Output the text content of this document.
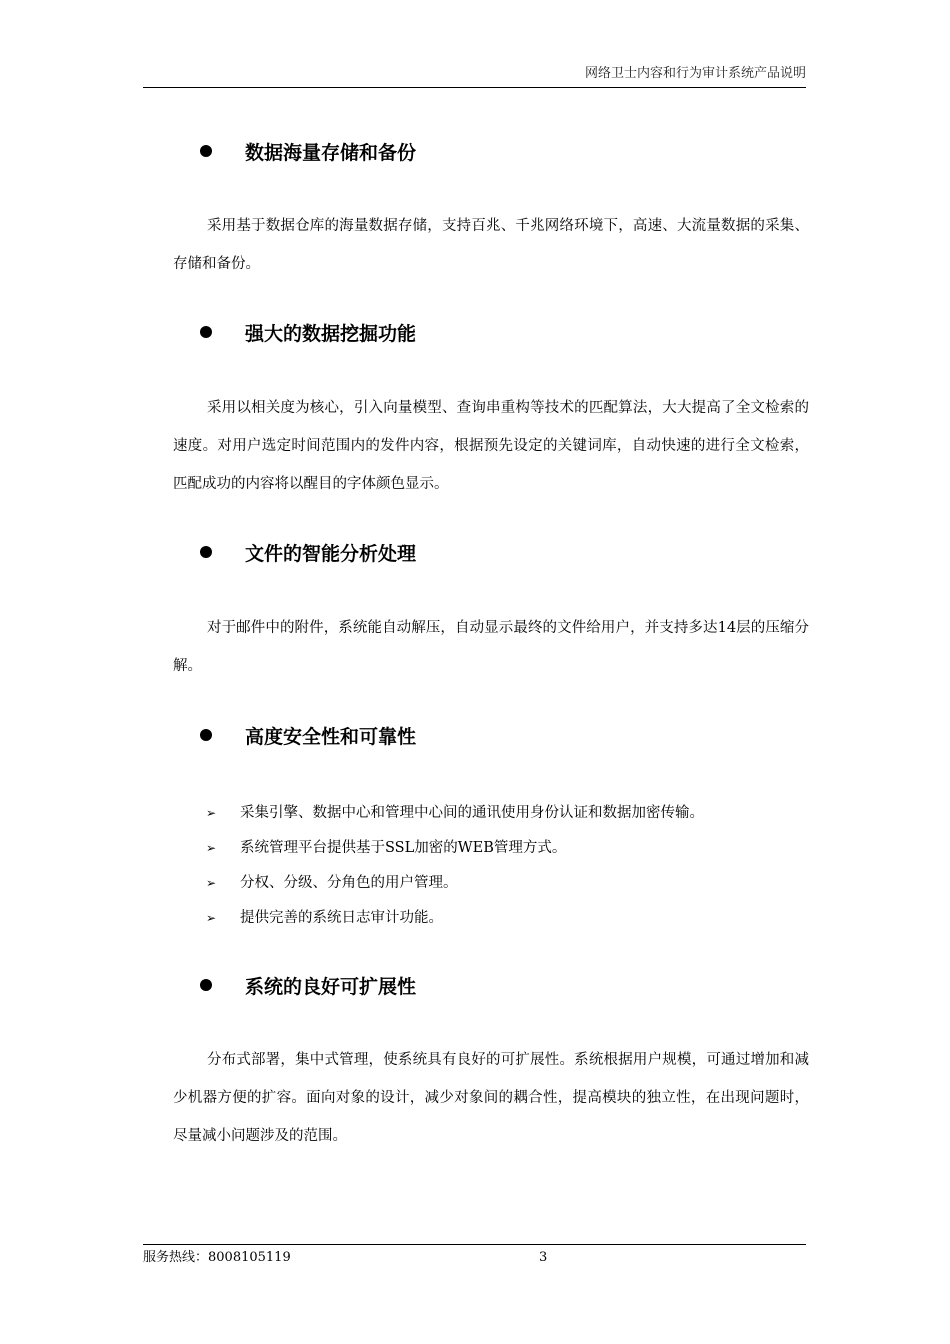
网络卫士内容和行为审计系统产品说明
数据海量存储和备份

采用基于数据仓库的海量数据存储，支持百兆、千兆网络环境下，高速、大流量数据的采集、存储和备份。

强大的数据挖掘功能

采用以相关度为核心，引入向量模型、查询串重构等技术的匹配算法，大大提高了全文检索的速度。对用户选定时间范围内的发件内容，根据预先设定的关键词库，自动快速的进行全文检索，匹配成功的内容将以醒目的字体颜色显示。

文件的智能分析处理

对于邮件中的附件，系统能自动解压，自动显示最终的文件给用户，并支持多达14层的压缩分解。

高度安全性和可靠性
➢	采集引擎、数据中心和管理中心间的通讯使用身份认证和数据加密传输。
➢	系统管理平台提供基于SSL加密的WEB管理方式。
➢	分权、分级、分角色的用户管理。
➢	提供完善的系统日志审计功能。
系统的良好可扩展性

分布式部署，集中式管理，使系统具有良好的可扩展性。系统根据用户规模，可通过增加和减少机器方便的扩容。面向对象的设计，减少对象间的耦合性，提高模块的独立性，在出现问题时，尽量减小问题涉及的范围。

服务热线：8008105119	3
